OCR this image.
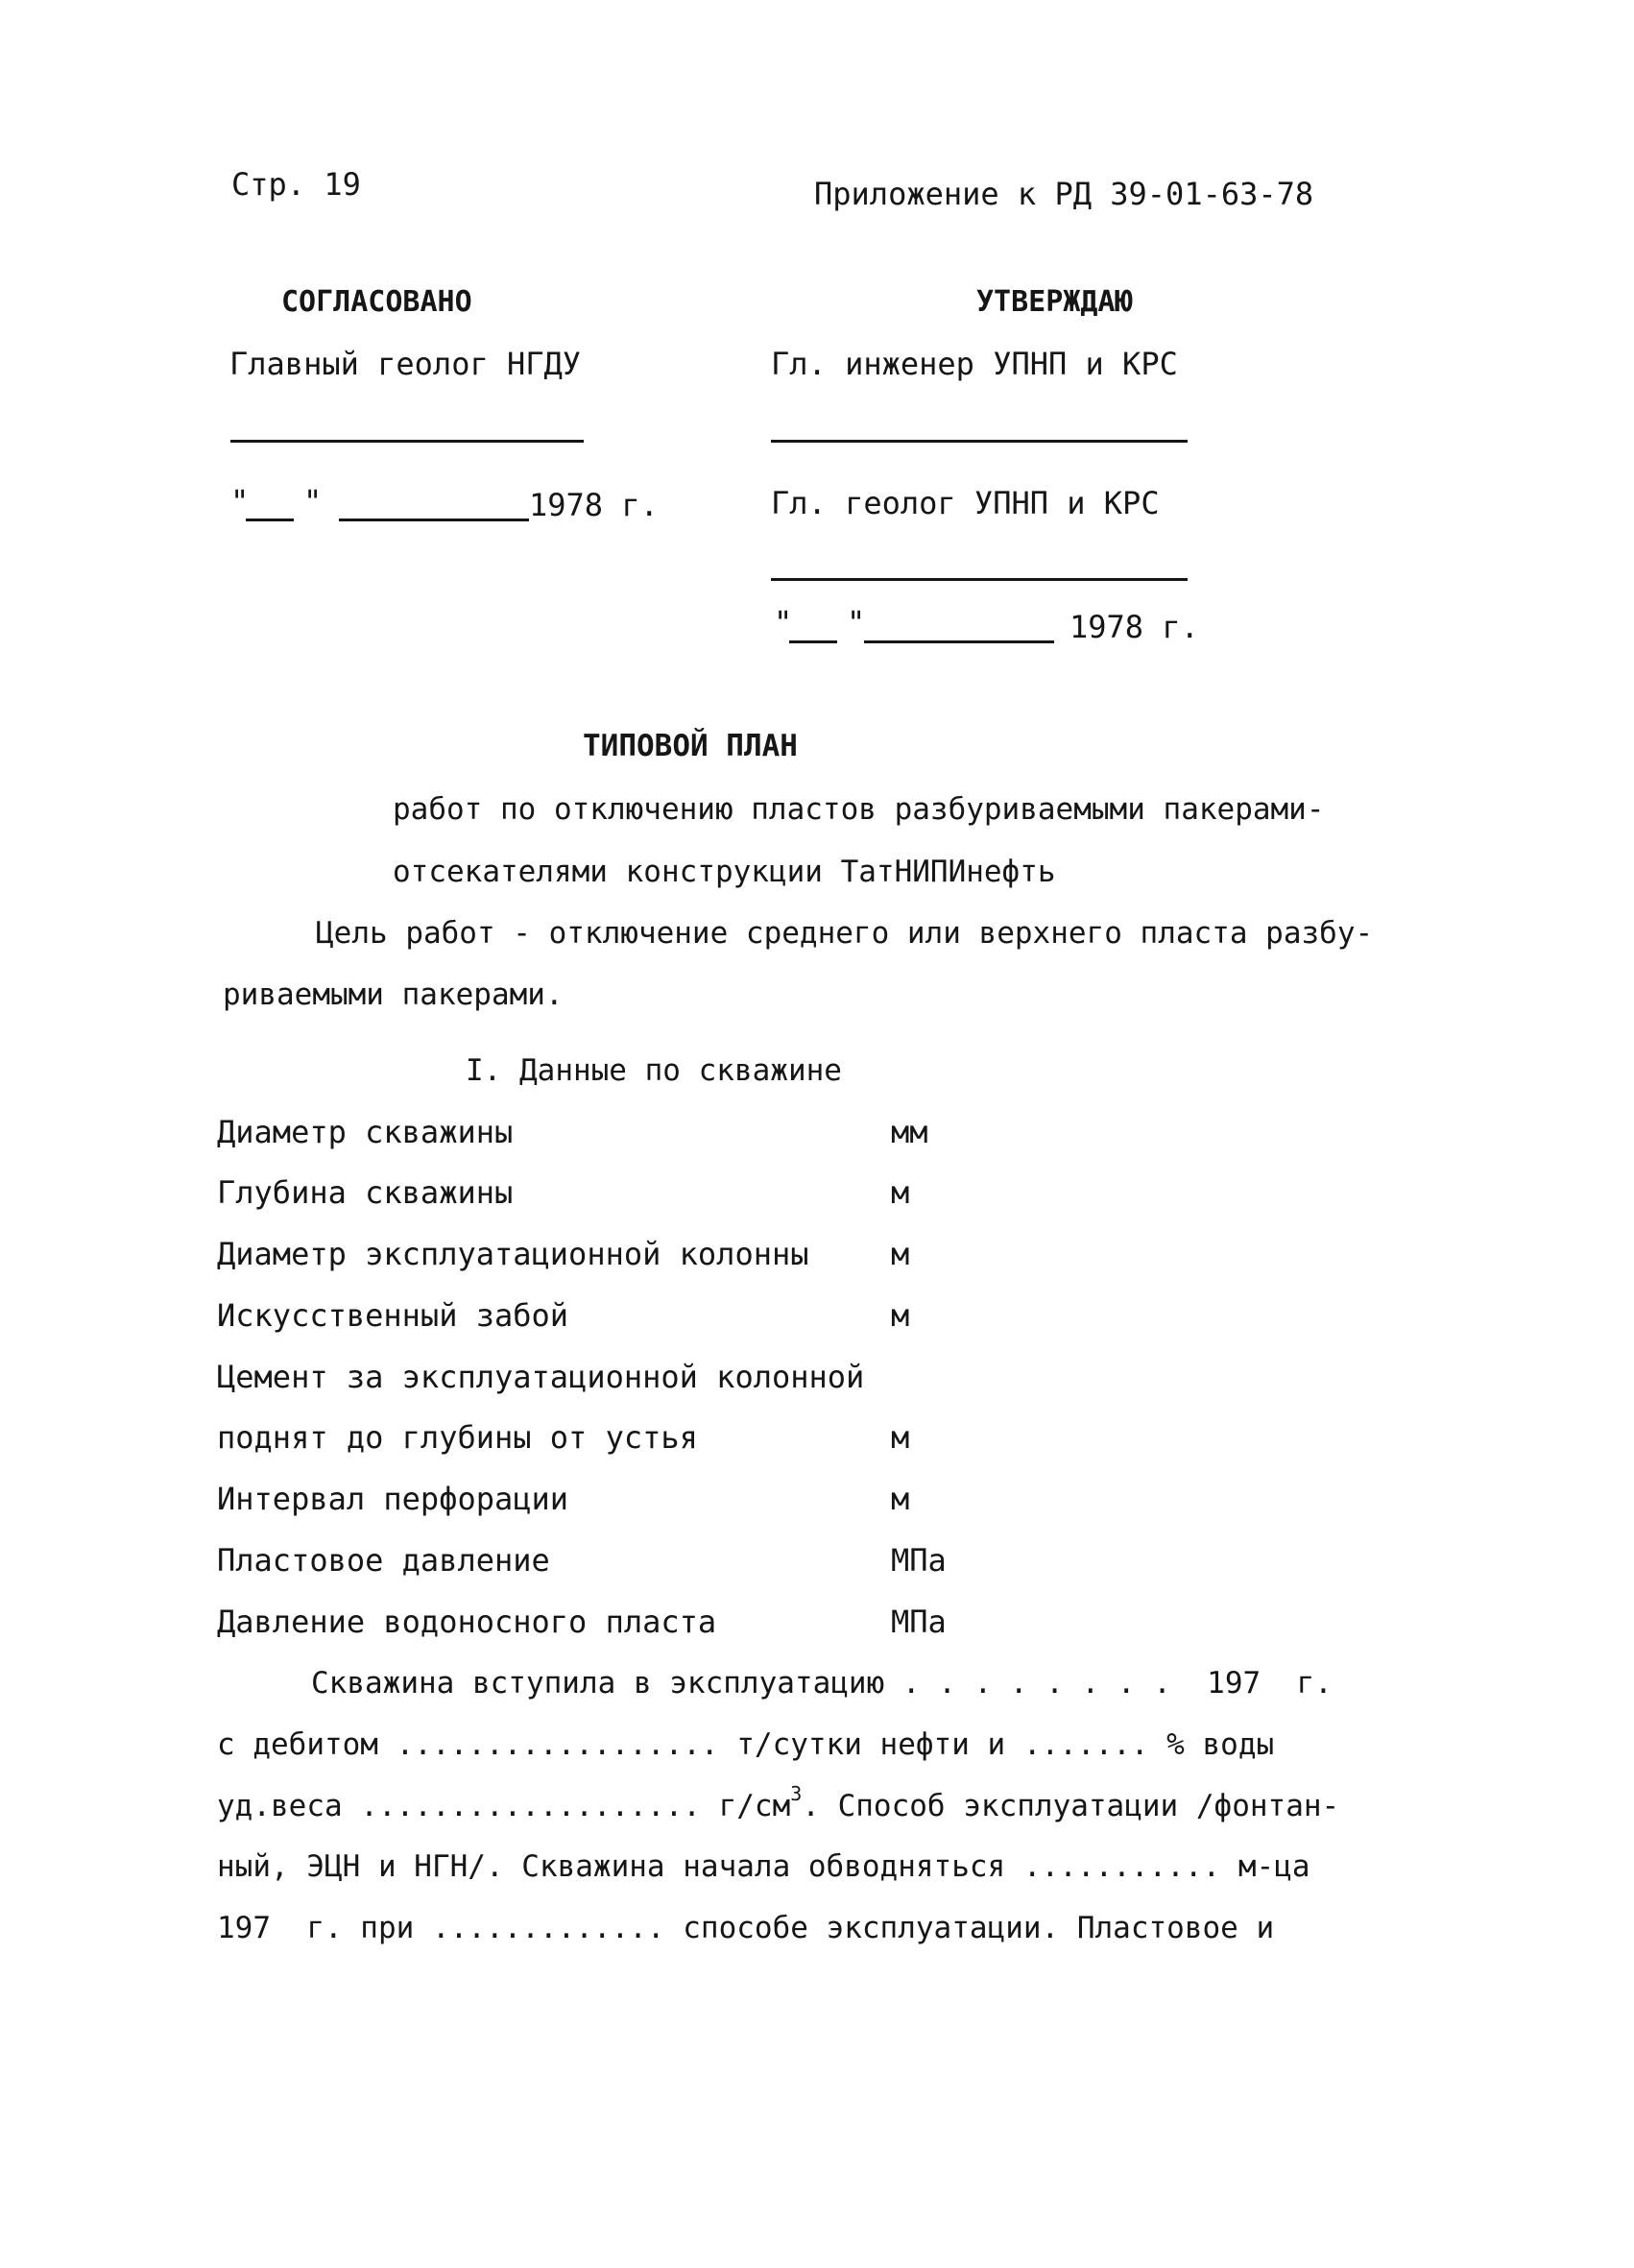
Стр. 19	Приложение к РД 39-01-63-78
СОГЛАСОВАНО
Главный геолог НГДУ
" "	1978 г.
УТВЕРЖДАЮ
Гл. инженер УПНП и КРС
Гл. геолог УПНП и КРС
" "	1978 г.
ТИПОВОЙ ПЛАН
работ по отключению пластов разбуриваемыми пакерами-
отсекателями конструкции ТатНИПИнефть
Цель работ - отключение среднего или верхнего пласта разбу-
риваемыми пакерами.
I. Данные по скважине
Диаметр скважины	мм
Глубина скважины	м
Диаметр эксплуатационной колонны	м
Искусственный забой	м
Цемент за эксплуатационной колонной
поднят до глубины от устья	м
Интервал перфорации	м
Пластовое давление	МПа
Давление водоносного пласта	МПа
Скважина вступила в эксплуатацию . . . . . . . .  197  г.
с дебитом .................. т/сутки нефти и ....... % воды
уд.веса ................... $г/см^3$. Способ эксплуатации /фонтан-
ный, ЭЦН и НГН/. Скважина начала обводняться ........... м-ца
197  г. при ............. способе эксплуатации. Пластовое и
